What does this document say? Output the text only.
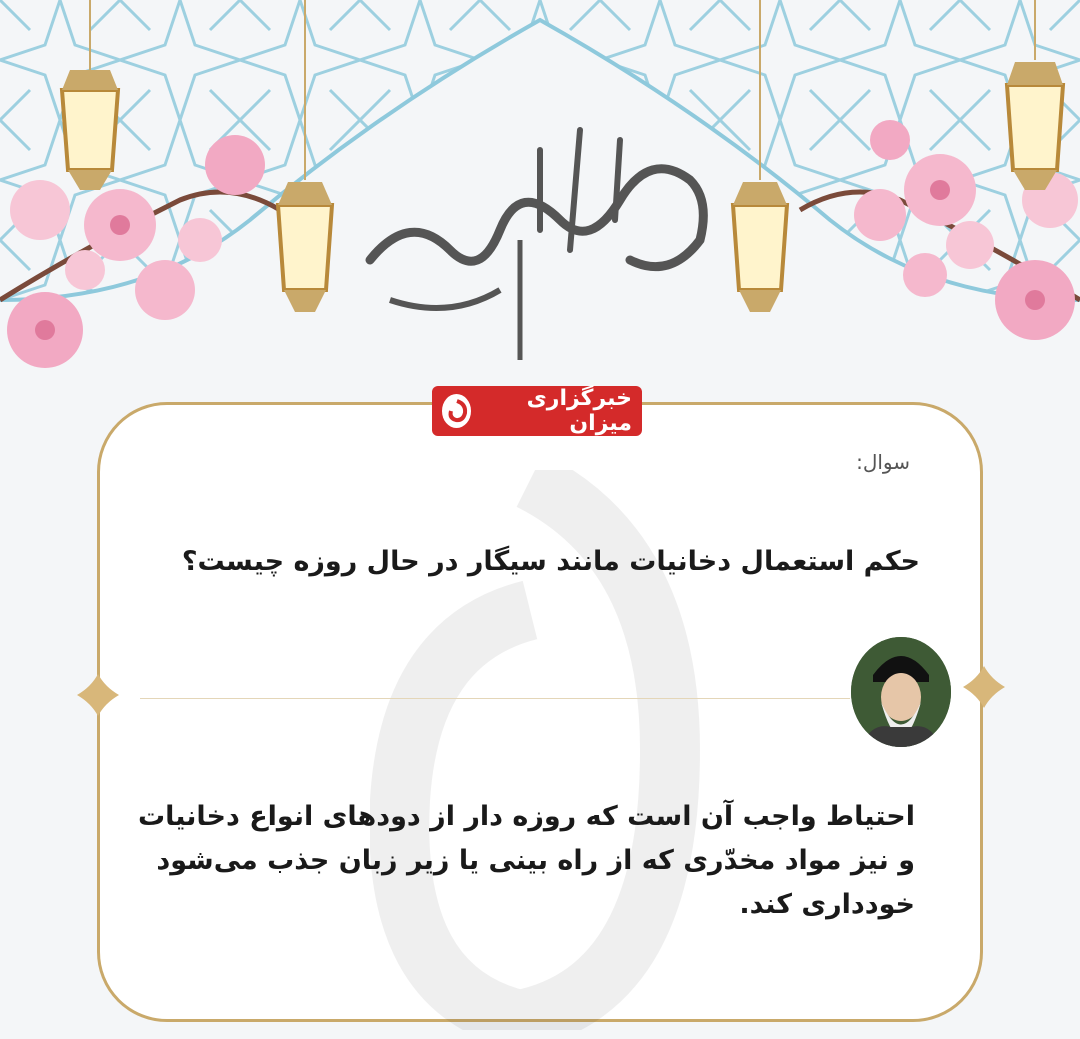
خبرگزاری میزان
سوال:
حکم استعمال دخانیات مانند سیگار در حال روزه چیست؟
احتیاط واجب آن است که روزه دار از دودهای انواع دخانیات و نیز مواد مخدّری که از راه بینی یا زیر زبان جذب می‌شود خودداری کند.
